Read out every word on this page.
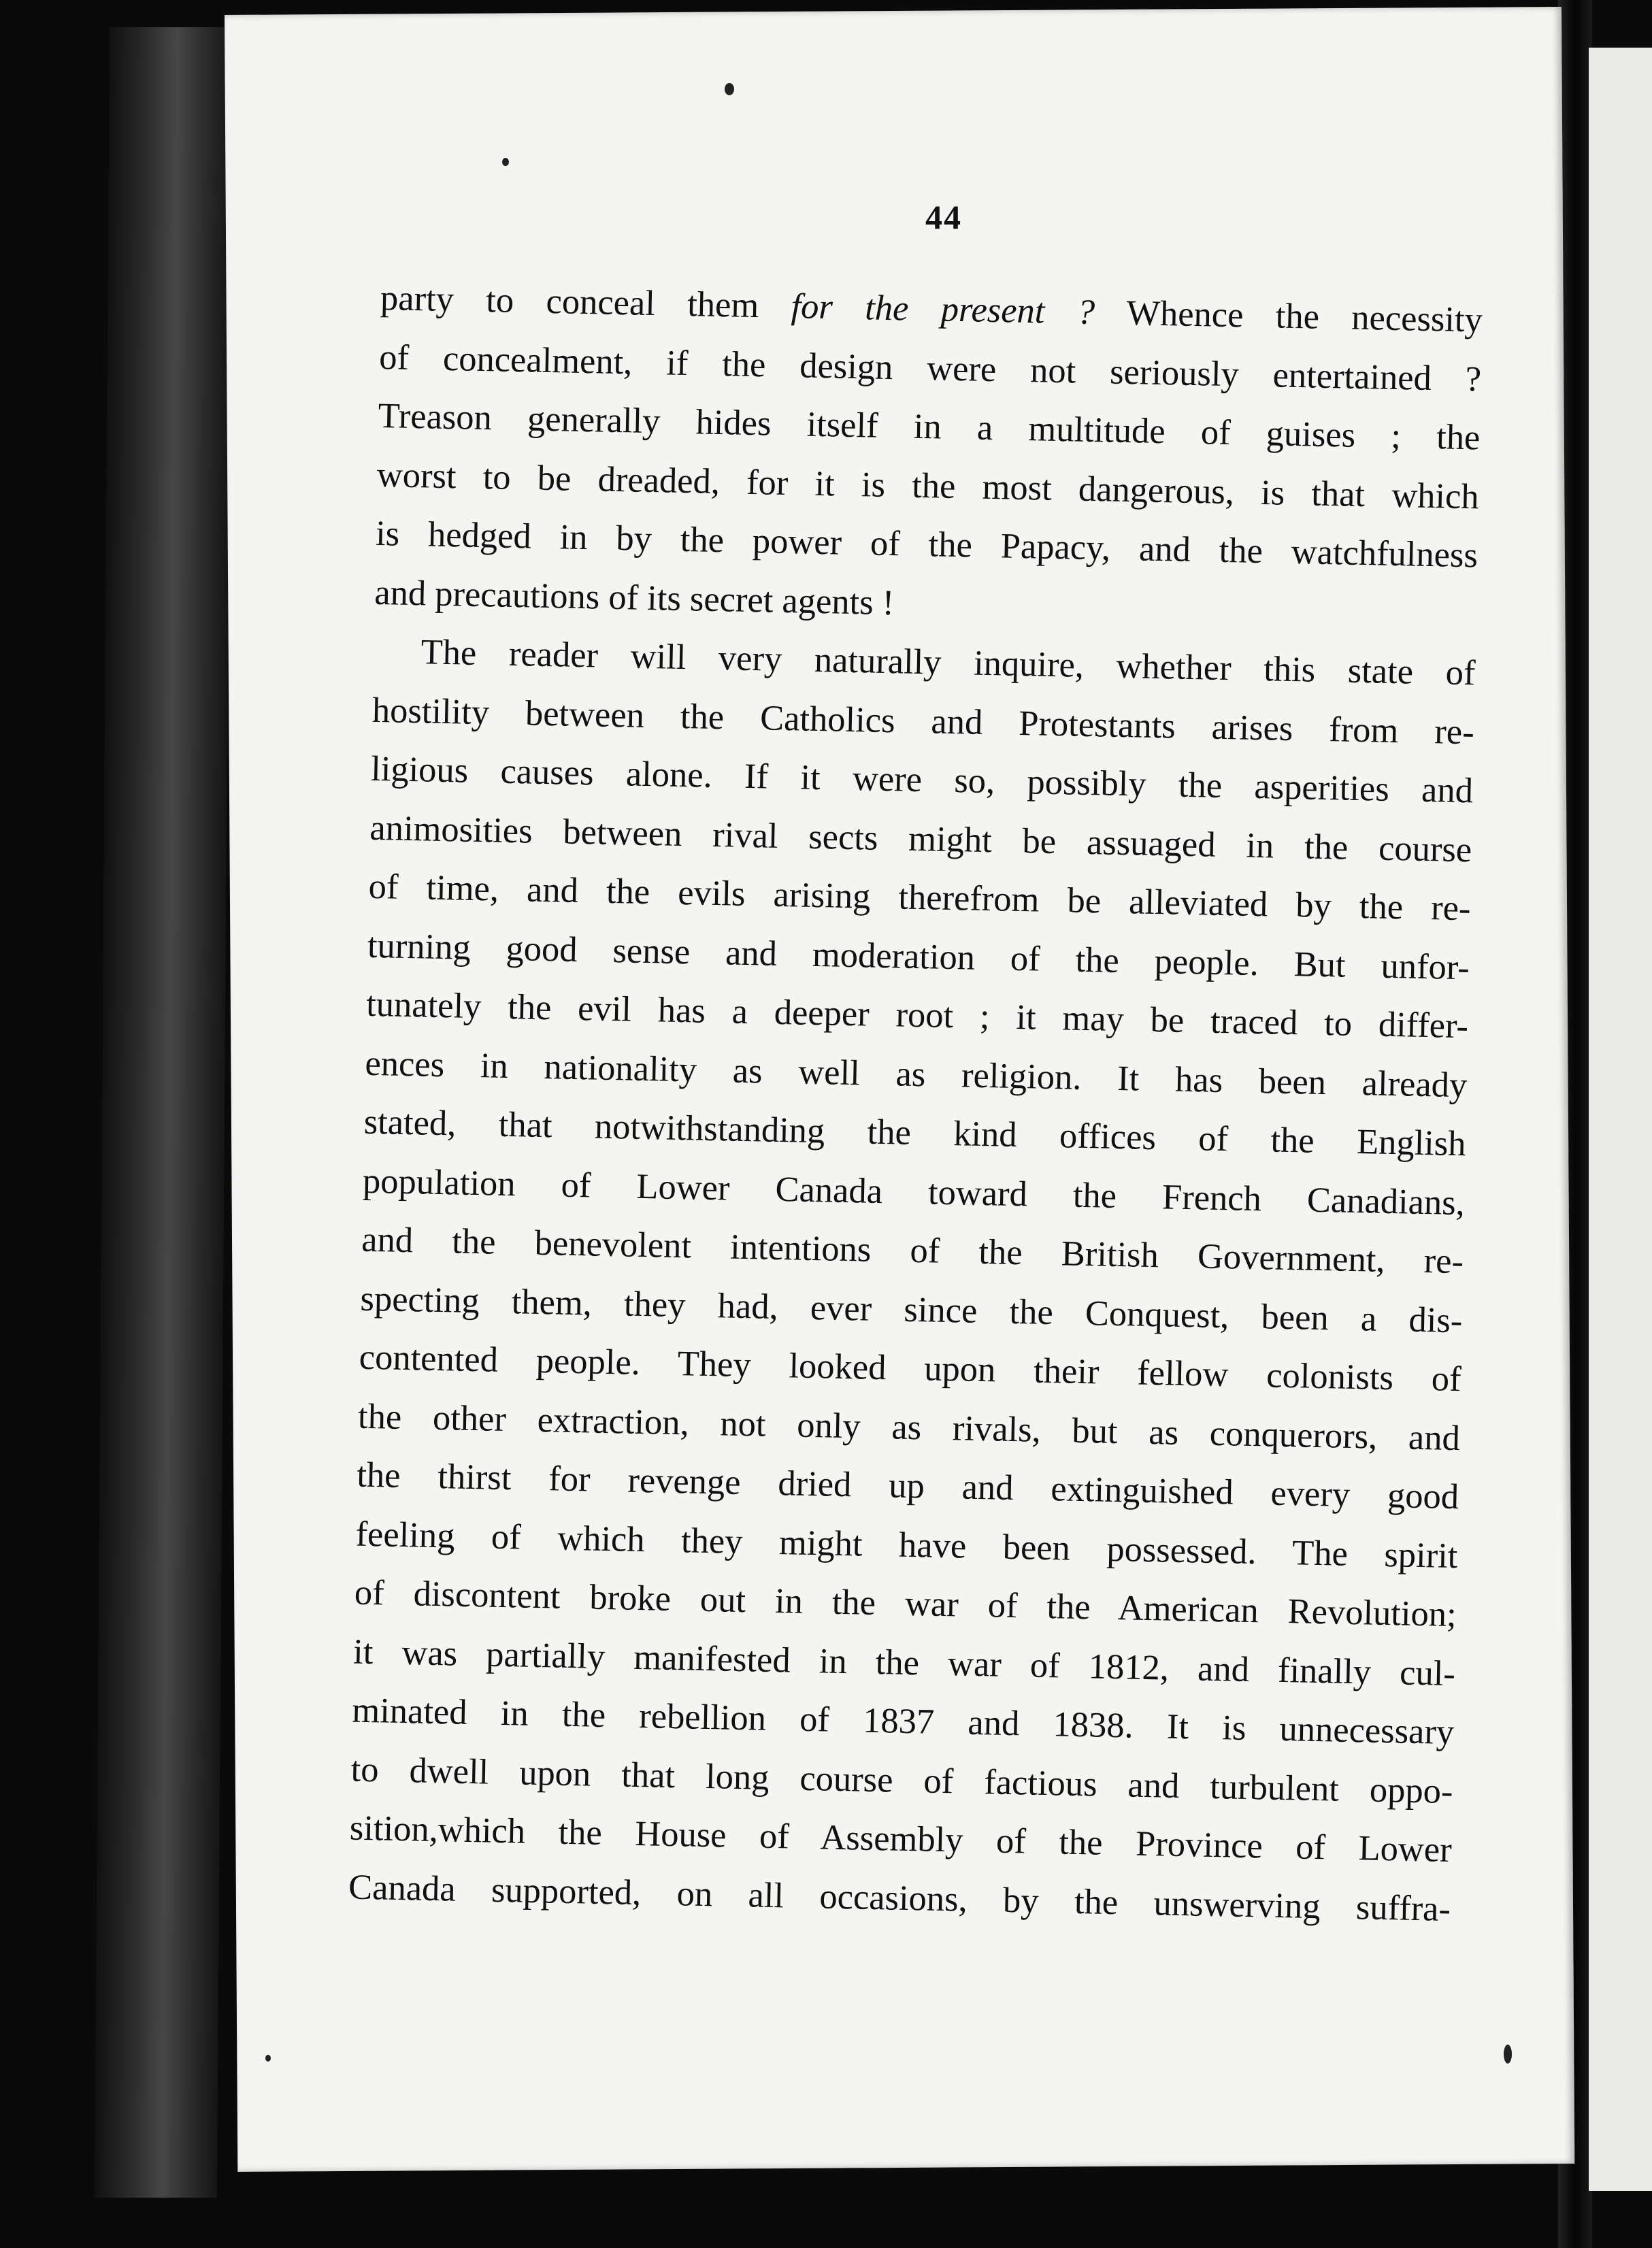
44
party to conceal them for the present ? Whence the necessity
of concealment, if the design were not seriously entertained ?
Treason generally hides itself in a multitude of guises ; the
worst to be dreaded, for it is the most dangerous, is that which
is hedged in by the power of the Papacy, and the watchfulness
and precautions of its secret agents !
The reader will very naturally inquire, whether this state of
hostility between the Catholics and Protestants arises from re-
ligious causes alone. If it were so, possibly the asperities and
animosities between rival sects might be assuaged in the course
of time, and the evils arising therefrom be alleviated by the re-
turning good sense and moderation of the people. But unfor-
tunately the evil has a deeper root ; it may be traced to differ-
ences in nationality as well as religion. It has been already
stated, that notwithstanding the kind offices of the English
population of Lower Canada toward the French Canadians,
and the benevolent intentions of the British Government, re-
specting them, they had, ever since the Conquest, been a dis-
contented people. They looked upon their fellow colonists of
the other extraction, not only as rivals, but as conquerors, and
the thirst for revenge dried up and extinguished every good
feeling of which they might have been possessed. The spirit
of discontent broke out in the war of the American Revolution;
it was partially manifested in the war of 1812, and finally cul-
minated in the rebellion of 1837 and 1838. It is unnecessary
to dwell upon that long course of factious and turbulent oppo-
sition,which the House of Assembly of the Province of Lower
Canada supported, on all occasions, by the unswerving suffra-
